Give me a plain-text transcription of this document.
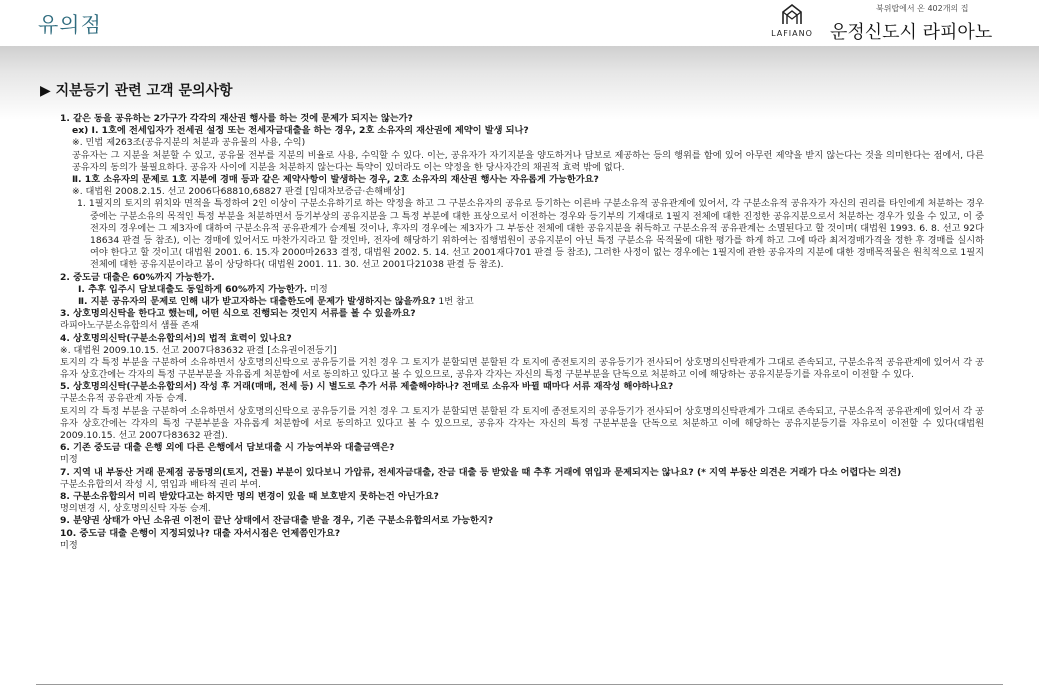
유의점	LAFIANO
북위랍에서 온 402개의 집
운정신도시 라피아노
▶ 지분등기 관련 고객 문의사항
1. 같은 동을 공유하는 2가구가 각각의 재산권 행사를 하는 것에 문제가 되지는 않는가?
ex) Ⅰ. 1호에 전세입자가 전세권 설정 또는 전세자금대출을 하는 경우, 2호 소유자의 재산권에 제약이 발생 되나?
※. 민법 제263조(공유지분의 처분과 공유물의 사용, 수익)
공유자는 그 지분을 처분할 수 있고, 공유물 전부를 지분의 비율로 사용, 수익할 수 있다. 이는, 공유자가 자기지분을 양도하거나 담보로 제공하는 등의 행위를 함에 있어 아무런 제약을 받지 않는다는 것을 의미한다는 점에서, 다른 공유자의 동의가 불필요하다. 공유자 사이에 지분을 처분하지 않는다는 특약이 있더라도 이는 약정을 한 당사자간의 채권적 효력 밖에 없다.
Ⅱ. 1호 소유자의 문제로 1호 지분에 경매 등과 같은 제약사항이 발생하는 경우, 2호 소유자의 재산권 행사는 자유롭게 가능한가요?
※. 대법원 2008.2.15. 선고 2006다68810,68827 판결 [임대차보증금·손해배상]
1. 1필지의 토지의 위치와 면적을 특정하여 2인 이상이 구분소유하기로 하는 약정을 하고 그 구분소유자의 공유로 등기하는 이른바 구분소유적 공유관계에 있어서, 각 구분소유적 공유자가 자신의 권리를 타인에게 처분하는 경우 중에는 구분소유의 목적인 특정 부분을 처분하면서 등기부상의 공유지분을 그 특정 부분에 대한 표상으로서 이전하는 경우와 등기부의 기재대로 1필지 전체에 대한 진정한 공유지분으로서 처분하는 경우가 있을 수 있고, 이 중 전자의 경우에는 그 제3자에 대하여 구분소유적 공유관계가 승계될 것이나, 후자의 경우에는 제3자가 그 부동산 전체에 대한 공유지분을 취득하고 구분소유적 공유관계는 소멸된다고 할 것이며( 대법원 1993. 6. 8. 선고 92다18634 판결 등 참조), 이는 경매에 있어서도 마찬가지라고 할 것인바, 전자에 해당하기 위하여는 집행법원이 공유지분이 아닌 특정 구분소유 목적물에 대한 평가를 하게 하고 그에 따라 최저경매가격을 정한 후 경매를 실시하여야 한다고 할 것이고( 대법원 2001. 6. 15.자 2000마2633 결정, 대법원 2002. 5. 14. 선고 2001재다701 판결 등 참조), 그러한 사정이 없는 경우에는 1필지에 관한 공유자의 지분에 대한 경매목적물은 원칙적으로 1필지 전체에 대한 공유지분이라고 봄이 상당하다( 대법원 2001. 11. 30. 선고 2001다21038 판결 등 참조).
2. 중도금 대출은 60%까지 가능한가.
Ⅰ. 추후 입주시 담보대출도 동일하게 60%까지 가능한가. 미정
Ⅱ. 지분 공유자의 문제로 인해 내가 받고자하는 대출한도에 문제가 발생하지는 않을까요? 1번 참고
3. 상호명의신탁을 한다고 했는데, 어떤 식으로 진행되는 것인지 서류를 볼 수 있을까요?
라피아노구분소유합의서 샘플 존재
4. 상호명의신탁(구분소유합의서)의 법적 효력이 있나요?
※. 대법원 2009.10.15. 선고 2007다83632 판결 [소유권이전등기]
토지의 각 특정 부분을 구분하여 소유하면서 상호명의신탁으로 공유등기를 거친 경우 그 토지가 분할되면 분할된 각 토지에 종전토지의 공유등기가 전사되어 상호명의신탁관계가 그대로 존속되고, 구분소유적 공유관계에 있어서 각 공유자 상호간에는 각자의 특정 구분부분을 자유롭게 처분함에 서로 동의하고 있다고 볼 수 있으므로, 공유자 각자는 자신의 특정 구분부분을 단독으로 처분하고 이에 해당하는 공유지분등기를 자유로이 이전할 수 있다.
5. 상호명의신탁(구분소유합의서) 작성 후 거래(매매, 전세 등) 시 별도로 추가 서류 제출해야하나? 전매로 소유자 바뀔 때마다 서류 재작성 해야하나요?
구분소유적 공유관계 자동 승계.
토지의 각 특정 부분을 구분하여 소유하면서 상호명의신탁으로 공유등기를 거친 경우 그 토지가 분할되면 분할된 각 토지에 종전토지의 공유등기가 전사되어 상호명의신탁관계가 그대로 존속되고, 구분소유적 공유관계에 있어서 각 공유자 상호간에는 각자의 특정 구분부분을 자유롭게 처분함에 서로 동의하고 있다고 볼 수 있으므로, 공유자 각자는 자신의 특정 구분부분을 단독으로 처분하고 이에 해당하는 공유지분등기를 자유로이 이전할 수 있다(대법원 2009.10.15. 선고 2007다83632 판결).
6. 기존 중도금 대출 은행 외에 다른 은행에서 담보대출 시 가능여부와 대출금액은?
미정
7. 지역 내 부동산 거래 문제점 공동명의(토지, 건물) 부분이 있다보니 가압류, 전세자금대출, 잔금 대출 등 받았을 때 추후 거래에 엮입과 문제되지는 않나요? (* 지역 부동산 의견은 거래가 다소 어렵다는 의견)
구분소유합의서 작성 시, 엮입과 배타적 권리 부여.
8. 구분소유합의서 미리 받았다고는 하지만 명의 변경이 있을 때 보호받지 못하는건 아닌가요?
명의변경 시, 상호명의신탁 자동 승계.
9. 분양권 상태가 아닌 소유권 이전이 끝난 상태에서 잔금대출 받을 경우, 기존 구분소유합의서로 가능한지?
10. 중도금 대출 은행이 지정되었나? 대출 자서시점은 언제쯤인가요?
미정
